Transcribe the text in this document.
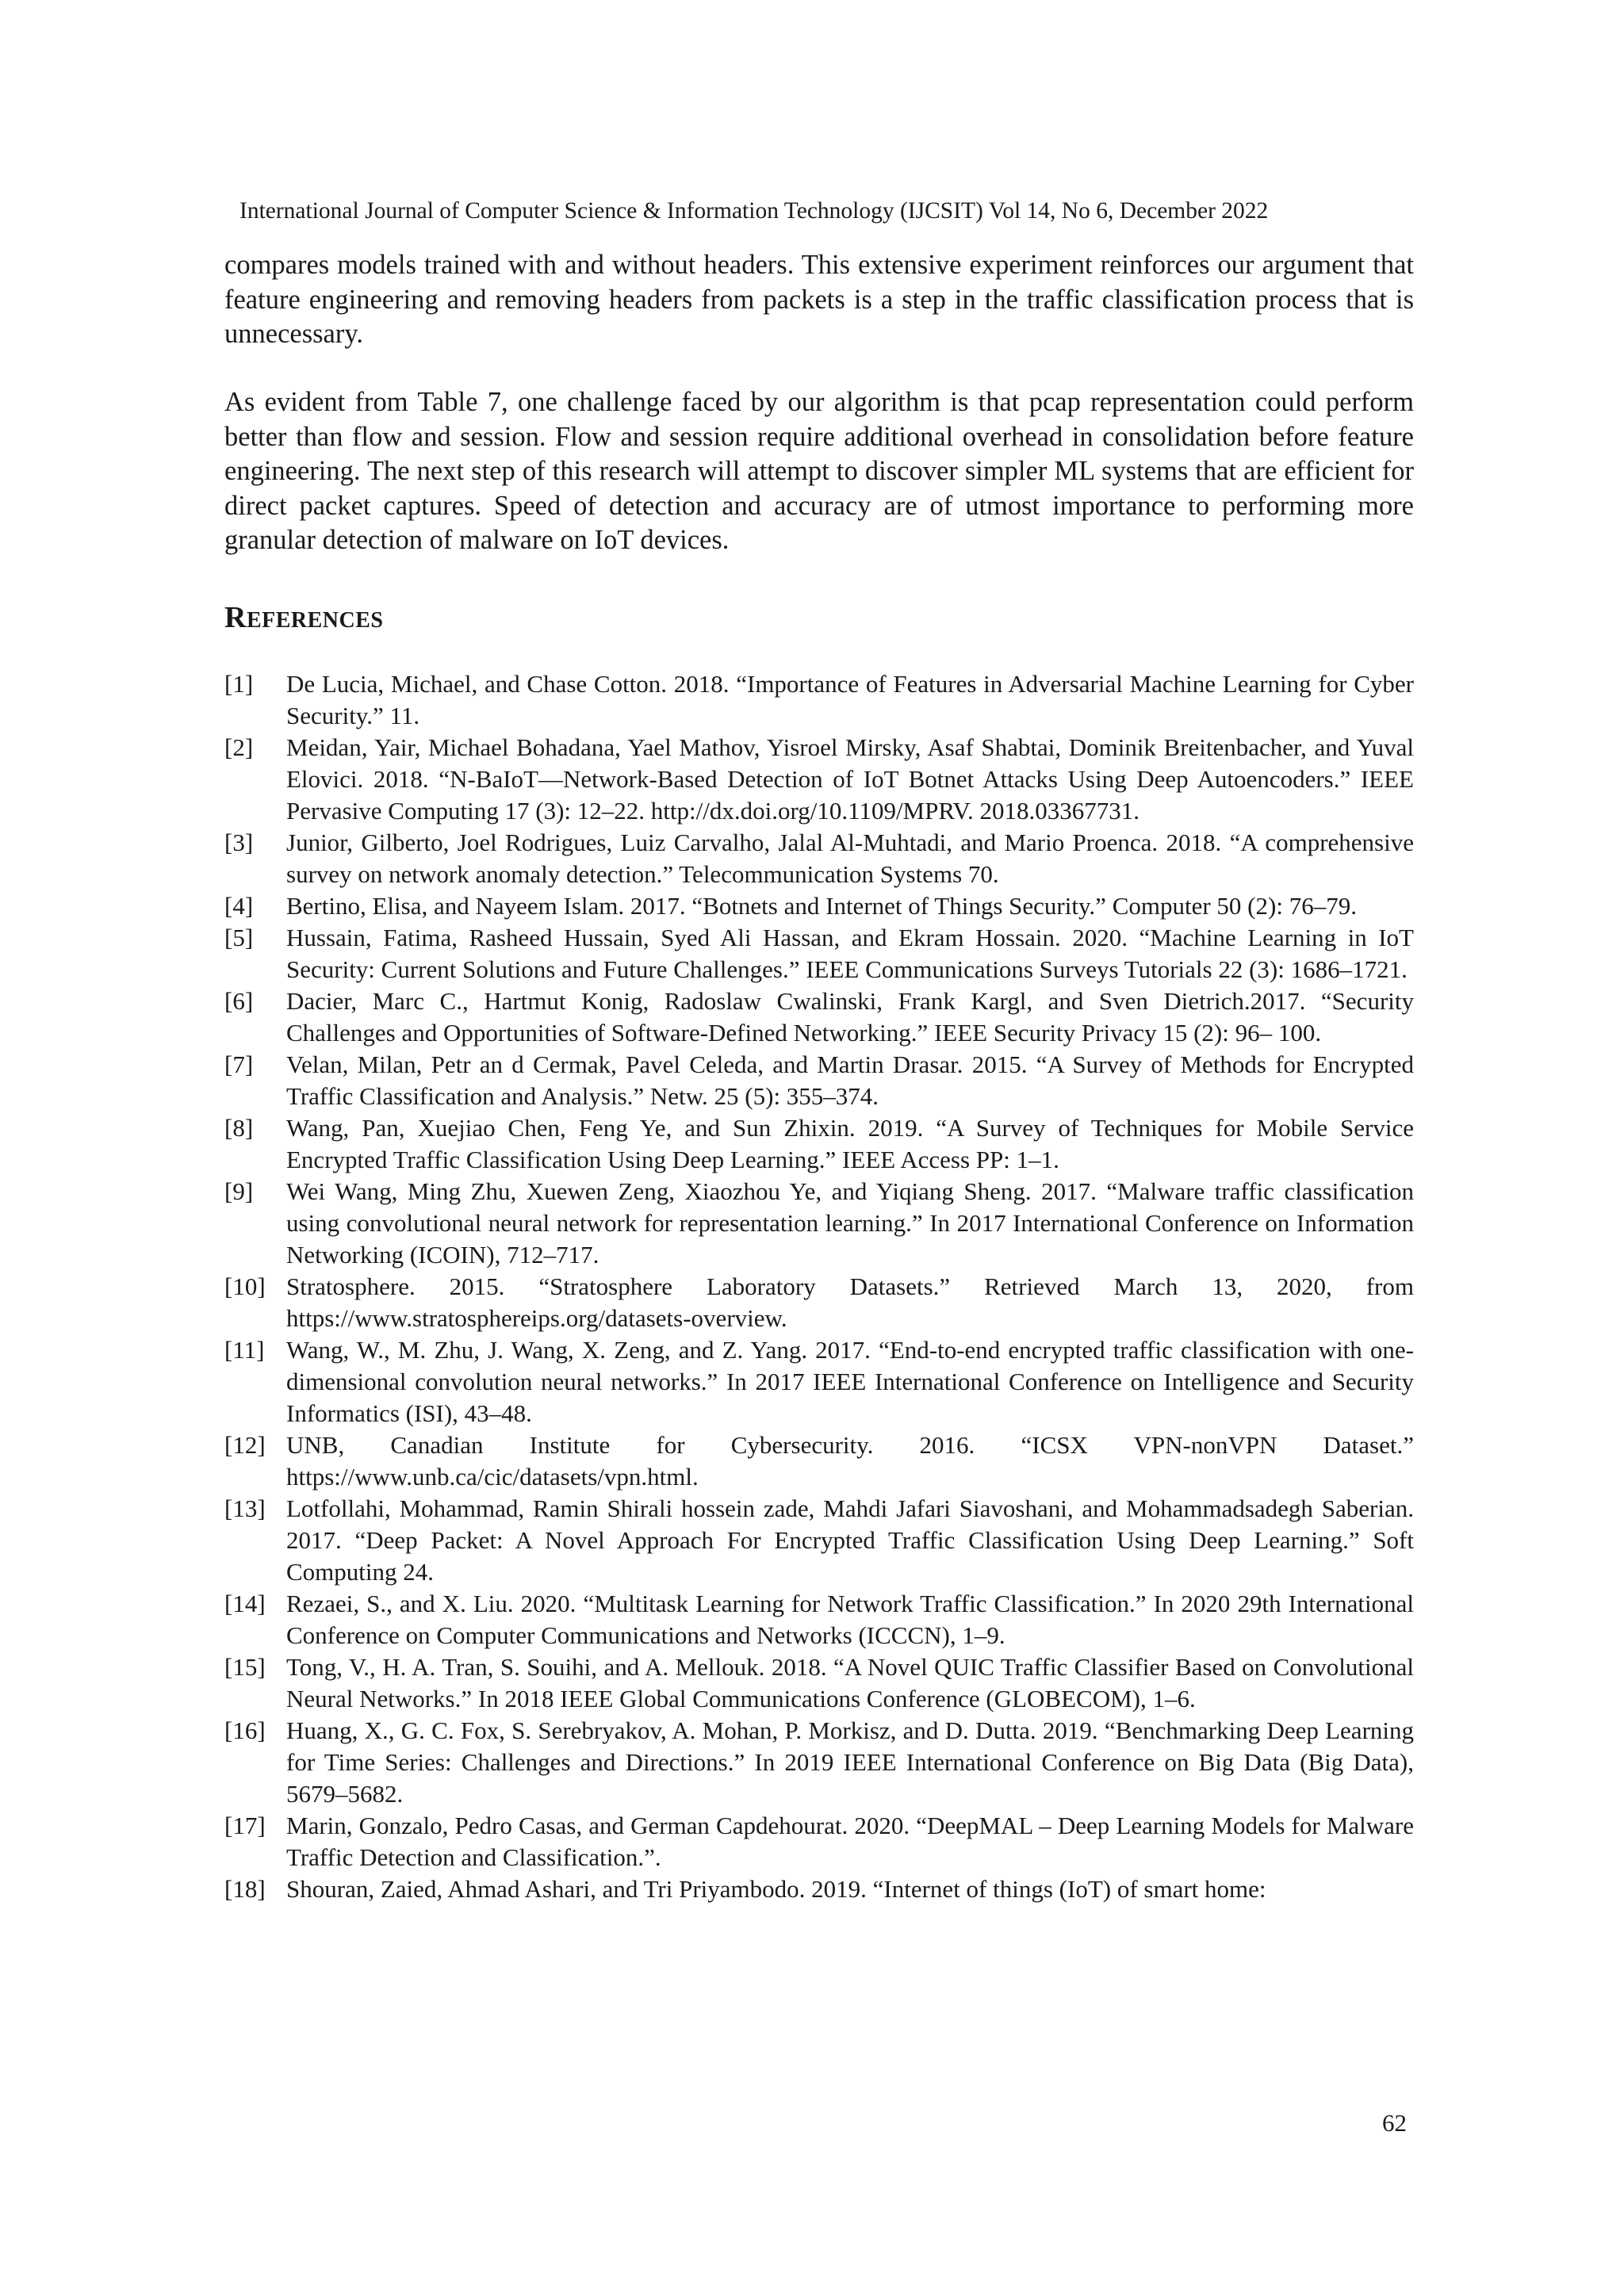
International Journal of Computer Science & Information Technology (IJCSIT) Vol 14, No 6, December 2022

compares models trained with and without headers. This extensive experiment reinforces our argument that feature engineering and removing headers from packets is a step in the traffic classification process that is unnecessary.

As evident from Table 7, one challenge faced by our algorithm is that pcap representation could perform better than flow and session. Flow and session require additional overhead in consolidation before feature engineering. The next step of this research will attempt to discover simpler ML systems that are efficient for direct packet captures. Speed of detection and accuracy are of utmost importance to performing more granular detection of malware on IoT devices.

REFERENCES
[1]	De Lucia, Michael, and Chase Cotton. 2018. “Importance of Features in Adversarial Machine Learning for Cyber Security.” 11.
[2]	Meidan, Yair, Michael Bohadana, Yael Mathov, Yisroel Mirsky, Asaf Shabtai, Dominik Breitenbacher, and Yuval Elovici. 2018. “N-BaIoT—Network-Based Detection of IoT Botnet Attacks Using Deep Autoencoders.” IEEE Pervasive Computing 17 (3): 12–22. http://dx.doi.org/10.1109/MPRV. 2018.03367731.
[3]	Junior, Gilberto, Joel Rodrigues, Luiz Carvalho, Jalal Al-Muhtadi, and Mario Proenca. 2018. “A comprehensive survey on network anomaly detection.” Telecommunication Systems 70.
[4]	Bertino, Elisa, and Nayeem Islam. 2017. “Botnets and Internet of Things Security.” Computer 50 (2): 76–79.
[5]	Hussain, Fatima, Rasheed Hussain, Syed Ali Hassan, and Ekram Hossain. 2020. “Machine Learning in IoT Security: Current Solutions and Future Challenges.” IEEE Communications Surveys Tutorials 22 (3): 1686–1721.
[6]	Dacier, Marc C., Hartmut Konig, Radoslaw Cwalinski, Frank Kargl, and Sven Dietrich.2017. “Security Challenges and Opportunities of Software-Defined Networking.” IEEE Security Privacy 15 (2): 96– 100.
[7]	Velan, Milan, Petr an d Cermak, Pavel Celeda, and Martin Drasar. 2015. “A Survey of Methods for Encrypted Traffic Classification and Analysis.” Netw. 25 (5): 355–374.
[8]	Wang, Pan, Xuejiao Chen, Feng Ye, and Sun Zhixin. 2019. “A Survey of Techniques for Mobile Service Encrypted Traffic Classification Using Deep Learning.” IEEE Access PP: 1–1.
[9]	Wei Wang, Ming Zhu, Xuewen Zeng, Xiaozhou Ye, and Yiqiang Sheng. 2017. “Malware traffic classification using convolutional neural network for representation learning.” In 2017 International Conference on Information Networking (ICOIN), 712–717.
[10] Stratosphere. 2015. “Stratosphere Laboratory Datasets.” Retrieved March 13, 2020, from https://www.stratosphereips.org/datasets-overview.
[11] Wang, W., M. Zhu, J. Wang, X. Zeng, and Z. Yang. 2017. “End-to-end encrypted traffic classification with one-dimensional convolution neural networks.” In 2017 IEEE International Conference on Intelligence and Security Informatics (ISI), 43–48.
[12] UNB, Canadian Institute for Cybersecurity. 2016. “ICSX VPN-nonVPN Dataset.” https://www.unb.ca/cic/datasets/vpn.html.
[13] Lotfollahi, Mohammad, Ramin Shirali hossein zade, Mahdi Jafari Siavoshani, and Mohammadsadegh Saberian. 2017. “Deep Packet: A Novel Approach For Encrypted Traffic Classification Using Deep Learning.” Soft Computing 24.
[14] Rezaei, S., and X. Liu. 2020. “Multitask Learning for Network Traffic Classification.” In 2020 29th International Conference on Computer Communications and Networks (ICCCN), 1–9.
[15] Tong, V., H. A. Tran, S. Souihi, and A. Mellouk. 2018. “A Novel QUIC Traffic Classifier Based on Convolutional Neural Networks.” In 2018 IEEE Global Communications Conference (GLOBECOM), 1–6.
[16] Huang, X., G. C. Fox, S. Serebryakov, A. Mohan, P. Morkisz, and D. Dutta. 2019. “Benchmarking Deep Learning for Time Series: Challenges and Directions.” In 2019 IEEE International Conference on Big Data (Big Data), 5679–5682.
[17] Marin, Gonzalo, Pedro Casas, and German Capdehourat. 2020. “DeepMAL – Deep Learning Models for Malware Traffic Detection and Classification.”.
[18] Shouran, Zaied, Ahmad Ashari, and Tri Priyambodo. 2019. “Internet of things (IoT) of smart home:
62
